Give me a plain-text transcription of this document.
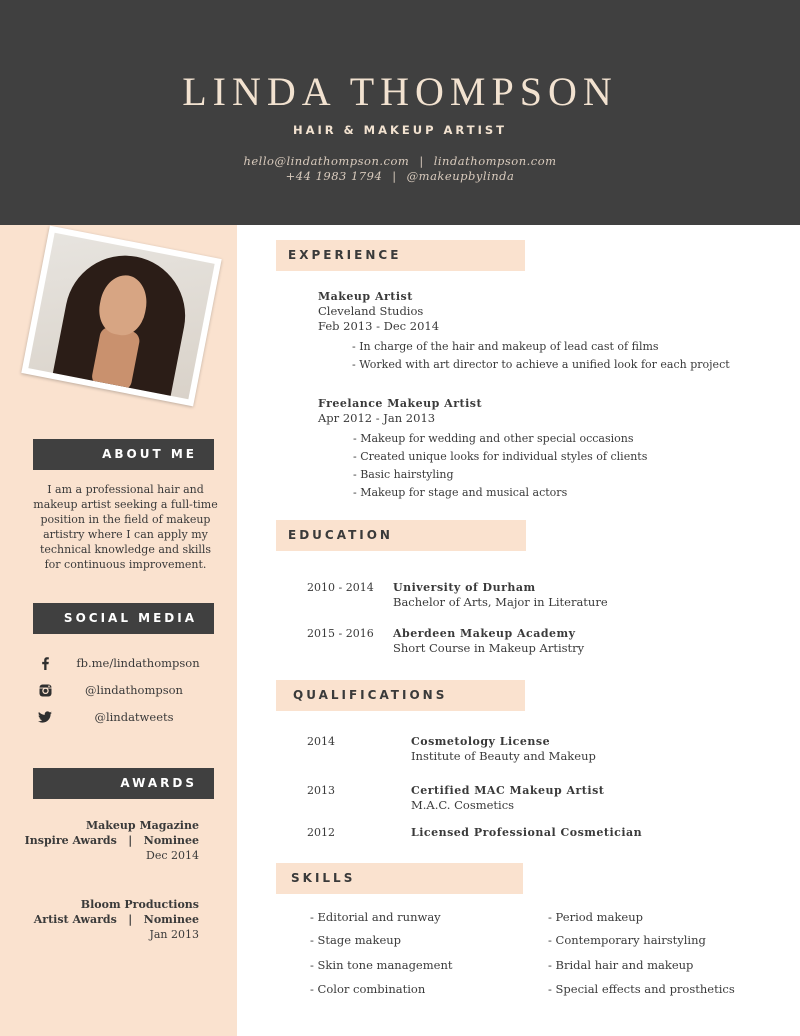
LINDA THOMPSON
HAIR & MAKEUP ARTIST
hello@lindathompson.com | lindathompson.com
+44 1983 1794 | @makeupbylinda
ABOUT ME
I am a professional hair and makeup artist seeking a full-time position in the field of makeup artistry where I can apply my technical knowledge and skills for continuous improvement.
SOCIAL MEDIA
fb.me/lindathompson
@lindathompson
@lindatweets
AWARDS
Makeup Magazine
Inspire Awards   |   Nominee
Dec 2014
Bloom Productions
Artist Awards   |   Nominee
Jan 2013
EXPERIENCE
Makeup Artist
Cleveland Studios
Feb 2013 - Dec 2014
- In charge of the hair and makeup of lead cast of films
- Worked with art director to achieve a unified look for each project
Freelance Makeup Artist
Apr 2012 - Jan 2013
- Makeup for wedding and other special occasions
- Created unique looks for individual styles of clients
- Basic hairstyling
- Makeup for stage and musical actors
EDUCATION
2010 - 2014 University of Durham
Bachelor of Arts, Major in Literature
2015 - 2016 Aberdeen Makeup Academy
Short Course in Makeup Artistry
QUALIFICATIONS
2014	Cosmetology License
Institute of Beauty and Makeup
2013	Certified MAC Makeup Artist
M.A.C. Cosmetics
2012	Licensed Professional Cosmetician
SKILLS
- Editorial and runway
- Stage makeup
- Skin tone management
- Color combination
- Period makeup
- Contemporary hairstyling
- Bridal hair and makeup
- Special effects and prosthetics
